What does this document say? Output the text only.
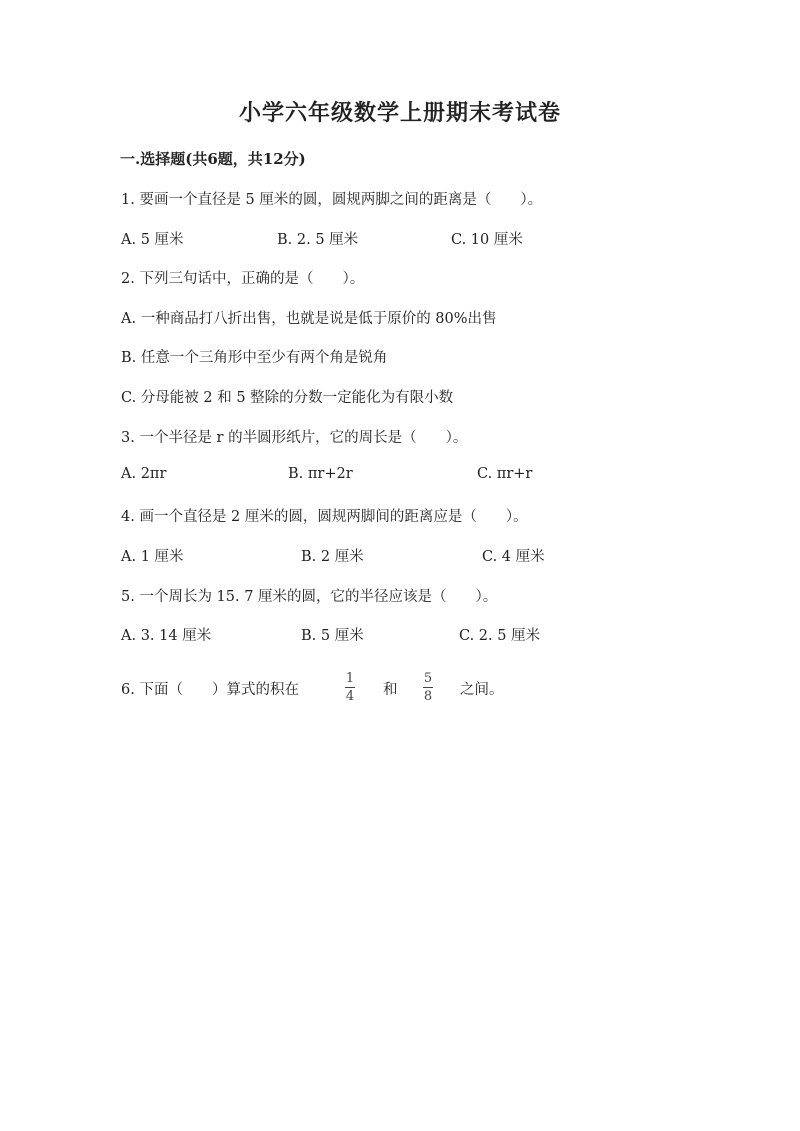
小学六年级数学上册期末考试卷
一.选择题(共6题，共12分)
1. 要画一个直径是 5 厘米的圆，圆规两脚之间的距离是（　　）。
A. 5 厘米	B. 2. 5 厘米	C. 10 厘米
2. 下列三句话中，正确的是（　　）。
A. 一种商品打八折出售，也就是说是低于原价的 80%出售
B. 任意一个三角形中至少有两个角是锐角
C. 分母能被 2 和 5 整除的分数一定能化为有限小数
3. 一个半径是 r 的半圆形纸片，它的周长是（　　）。
A. 2πr	B. πr+2r	C. πr+r
4. 画一个直径是 2 厘米的圆，圆规两脚间的距离应是（　　）。
A. 1 厘米	B. 2 厘米	C. 4 厘米
5. 一个周长为 15. 7 厘米的圆，它的半径应该是（　　）。
A. 3. 14 厘米	B. 5 厘米	C. 2. 5 厘米
6. 下面（　　）算式的积在
1
4 和
5
8 之间。
